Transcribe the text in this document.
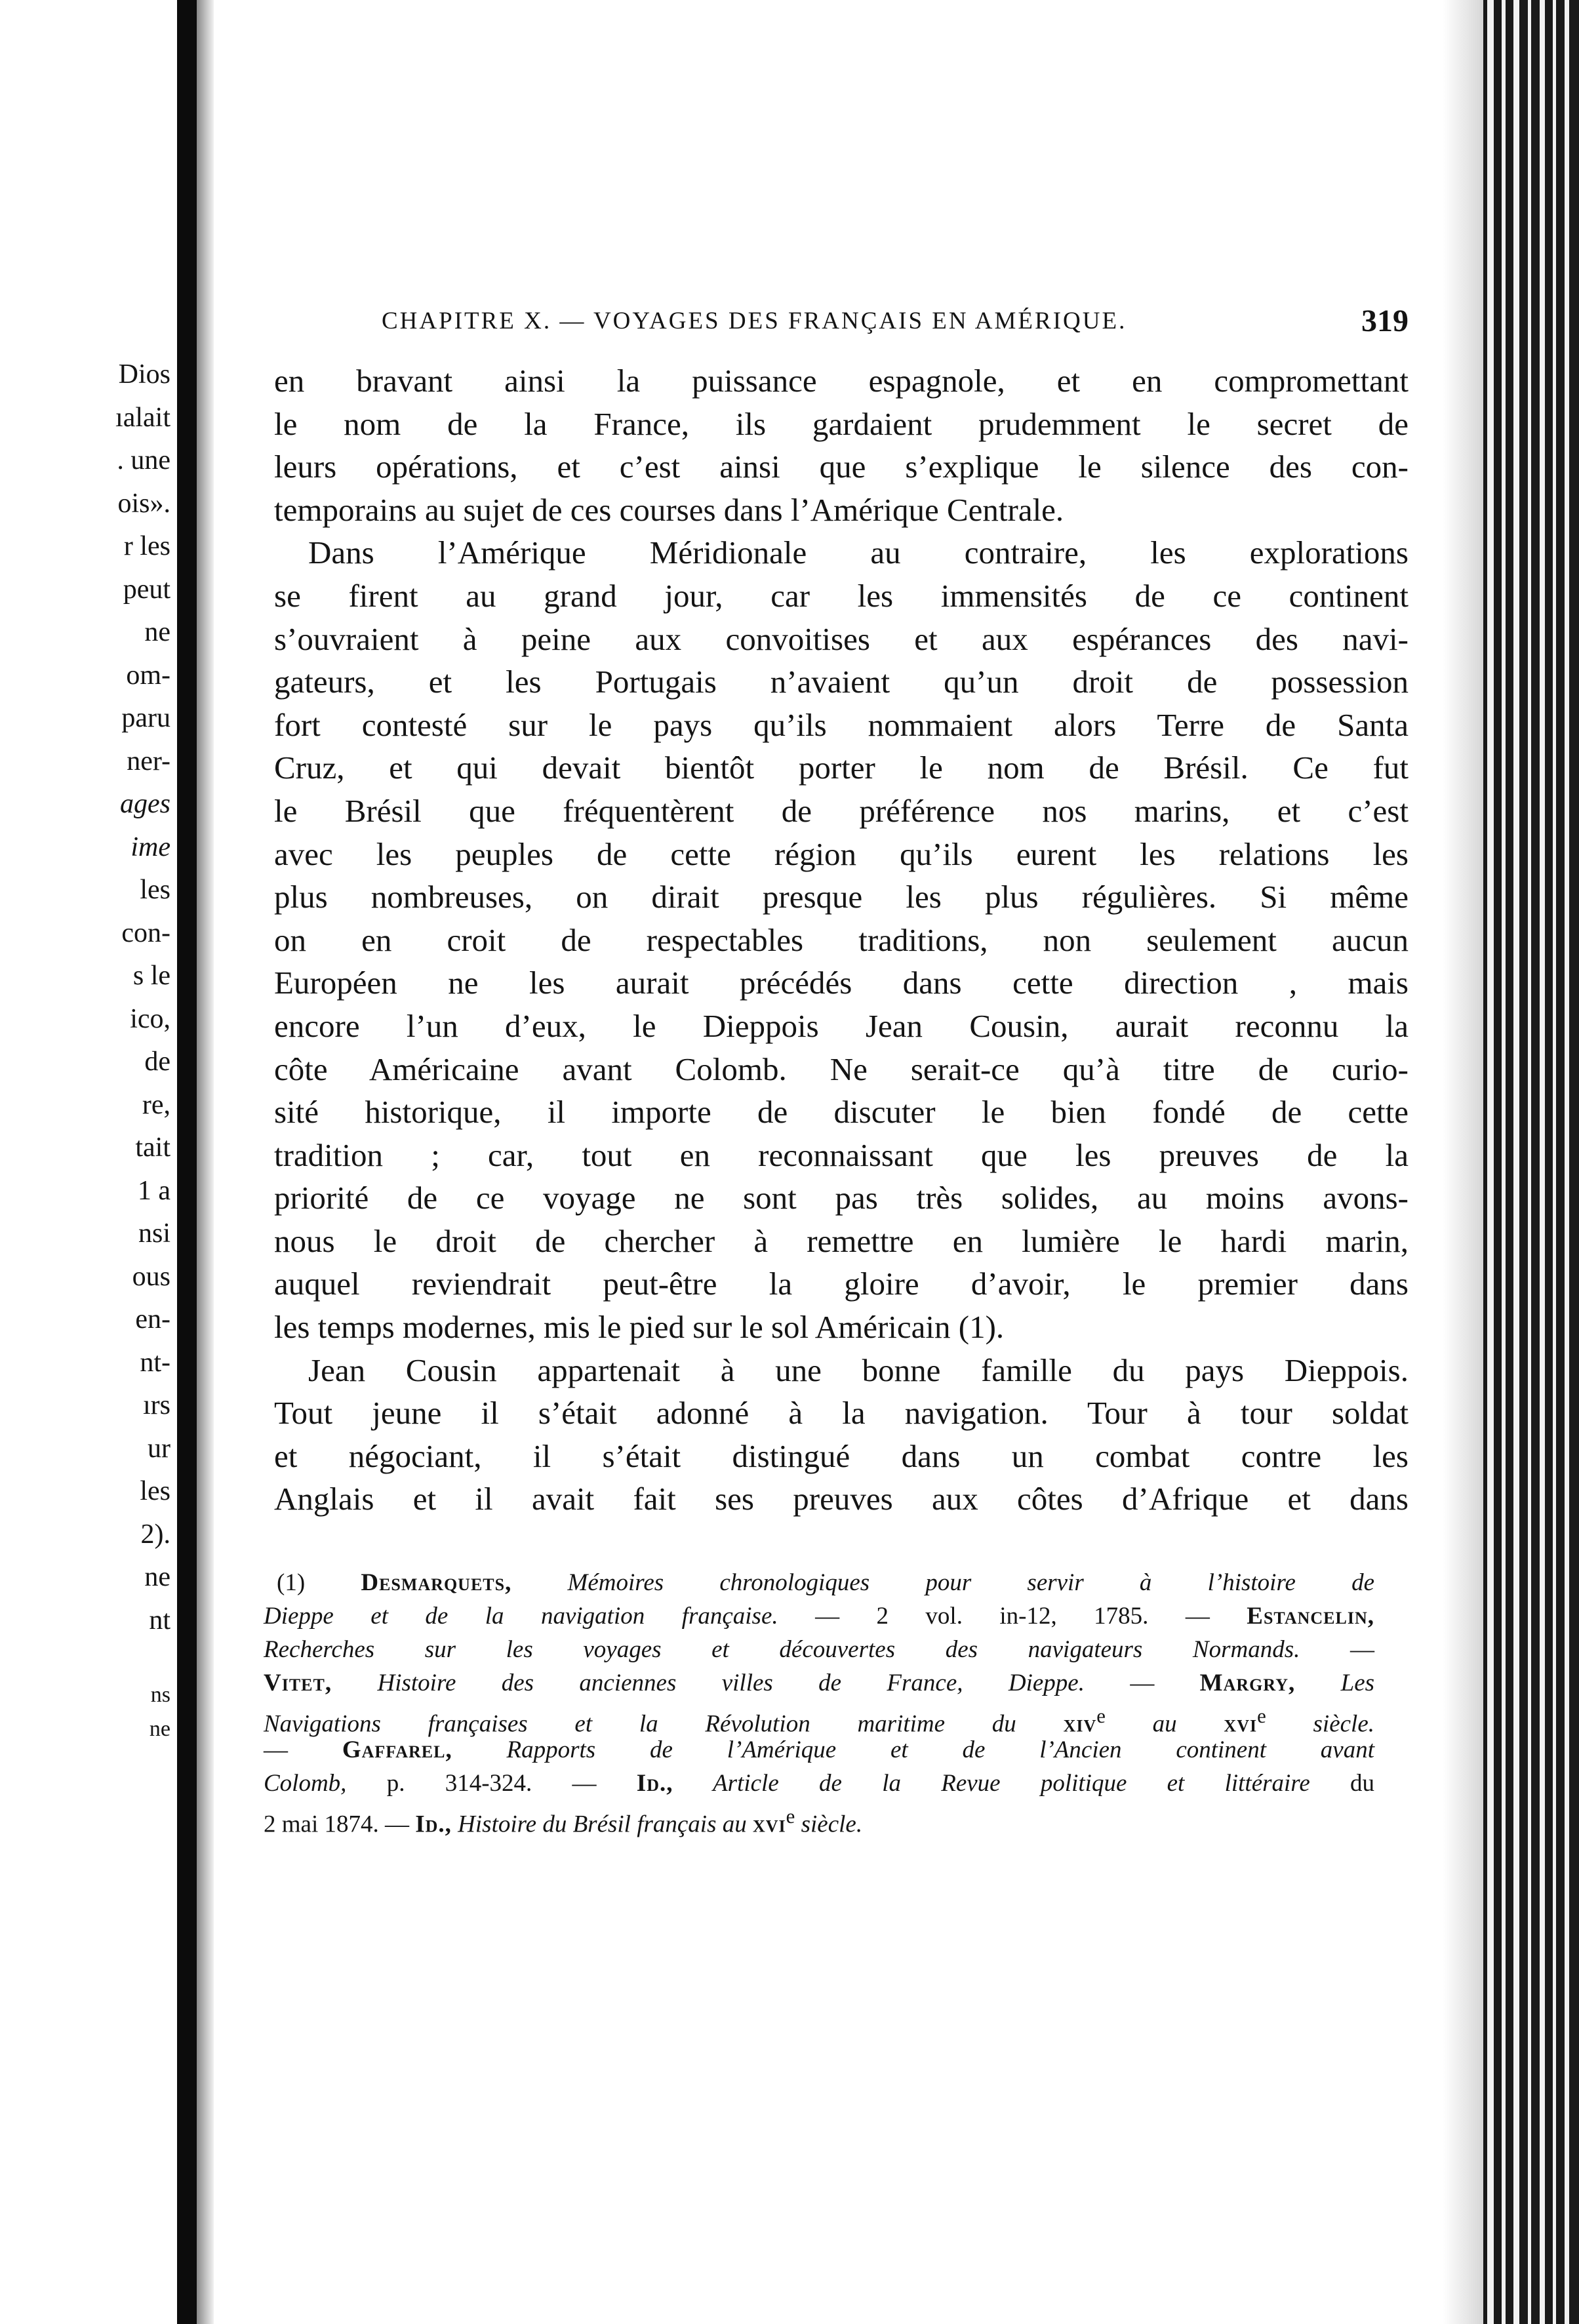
Dios
ıalait
. une
ois».
r les
peut
ne
om-
paru
ner-
ages
ime
les
con-
s le
ico,
de
re,
tait
1 a
nsi
ous
en-
nt-
ırs
ur
les
2).
ne
nt
ns
ne
CHAPITRE X. — VOYAGES DES FRANÇAIS EN AMÉRIQUE.	319
en bravant ainsi la puissance espagnole, et en compromettant
le nom de la France, ils gardaient prudemment le secret de
leurs opérations, et c’est ainsi que s’explique le silence des con-
temporains au sujet de ces courses dans l’Amérique Centrale.
Dans l’Amérique Méridionale au contraire, les explorations
se firent au grand jour, car les immensités de ce continent
s’ouvraient à peine aux convoitises et aux espérances des navi-
gateurs, et les Portugais n’avaient qu’un droit de possession
fort contesté sur le pays qu’ils nommaient alors Terre de Santa
Cruz, et qui devait bientôt porter le nom de Brésil. Ce fut
le Brésil que fréquentèrent de préférence nos marins, et c’est
avec les peuples de cette région qu’ils eurent les relations les
plus nombreuses, on dirait presque les plus régulières. Si même
on en croit de respectables traditions, non seulement aucun
Européen ne les aurait précédés dans cette direction , mais
encore l’un d’eux, le Dieppois Jean Cousin, aurait reconnu la
côte Américaine avant Colomb. Ne serait-ce qu’à titre de curio-
sité historique, il importe de discuter le bien fondé de cette
tradition ; car, tout en reconnaissant que les preuves de la
priorité de ce voyage ne sont pas très solides, au moins avons-
nous le droit de chercher à remettre en lumière le hardi marin,
auquel reviendrait peut-être la gloire d’avoir, le premier dans
les temps modernes, mis le pied sur le sol Américain (1).
Jean Cousin appartenait à une bonne famille du pays Dieppois.
Tout jeune il s’était adonné à la navigation. Tour à tour soldat
et négociant, il s’était distingué dans un combat contre les
Anglais et il avait fait ses preuves aux côtes d’Afrique et dans
(1) Desmarquets, Mémoires chronologiques pour servir à l’histoire de
Dieppe et de la navigation française. — 2 vol. in-12, 1785. — Estancelin,
Recherches sur les voyages et découvertes des navigateurs Normands. —
Vitet, Histoire des anciennes villes de France, Dieppe. — Margry, Les
Navigations françaises et la Révolution maritime du xiv$^e$ au xvi$^e$ siècle.
— Gaffarel, Rapports de l’Amérique et de l’Ancien continent avant
Colomb, p. 314-324. — Id., Article de la Revue politique et littéraire du
2 mai 1874. — Id., Histoire du Brésil français au xvi$^e$ siècle.
